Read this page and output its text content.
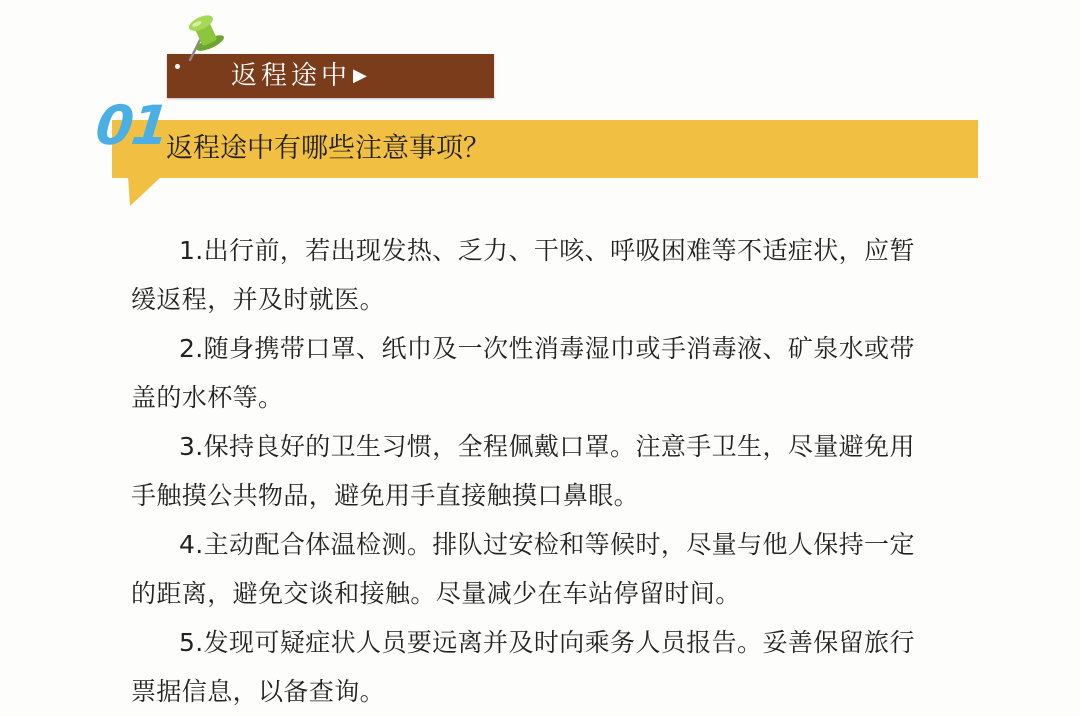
返程途中 ▶
01
返程途中有哪些注意事项？

1.出行前，若出现发热、乏力、干咳、呼吸困难等不适症状，应暂缓返程，并及时就医。

2.随身携带口罩、纸巾及一次性消毒湿巾或手消毒液、矿泉水或带盖的水杯等。

3.保持良好的卫生习惯，全程佩戴口罩。注意手卫生，尽量避免用手触摸公共物品，避免用手直接触摸口鼻眼。

4.主动配合体温检测。排队过安检和等候时，尽量与他人保持一定的距离，避免交谈和接触。尽量减少在车站停留时间。

5.发现可疑症状人员要远离并及时向乘务人员报告。妥善保留旅行票据信息，以备查询。
